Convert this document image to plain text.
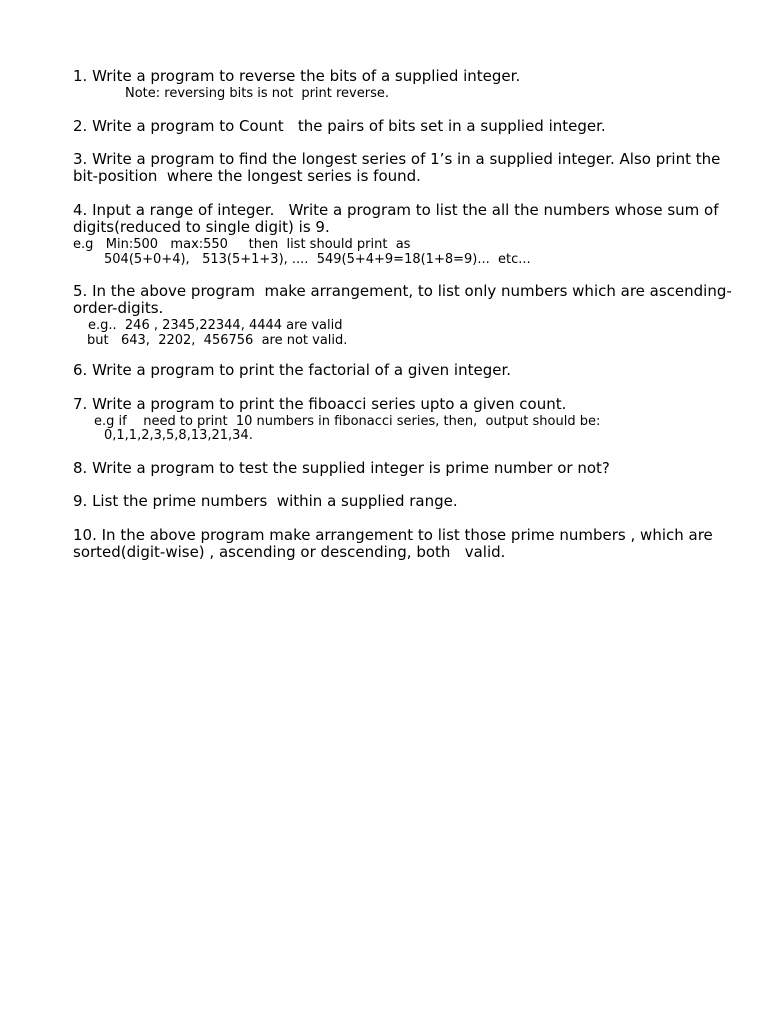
1. Write a program to reverse the bits of a supplied integer.

Note: reversing bits is not  print reverse.

2. Write a program to Count   the pairs of bits set in a supplied integer.

3. Write a program to find the longest series of 1’s in a supplied integer. Also print the bit-position  where the longest series is found.

4. Input a range of integer.   Write a program to list the all the numbers whose sum of digits(reduced to single digit) is 9.

e.g   Min:500   max:550     then  list should print  as

504(5+0+4),   513(5+1+3), ....  549(5+4+9=18(1+8=9)...  etc...

5. In the above program  make arrangement, to list only numbers which are ascending-order-digits.

e.g..  246 , 2345,22344, 4444 are valid

but   643,  2202,  456756  are not valid.

6. Write a program to print the factorial of a given integer.

7. Write a program to print the fiboacci series upto a given count.

e.g if    need to print  10 numbers in fibonacci series, then,  output should be:

0,1,1,2,3,5,8,13,21,34.

8. Write a program to test the supplied integer is prime number or not?

9. List the prime numbers  within a supplied range.

10. In the above program make arrangement to list those prime numbers , which are sorted(digit-wise) , ascending or descending, both   valid.
